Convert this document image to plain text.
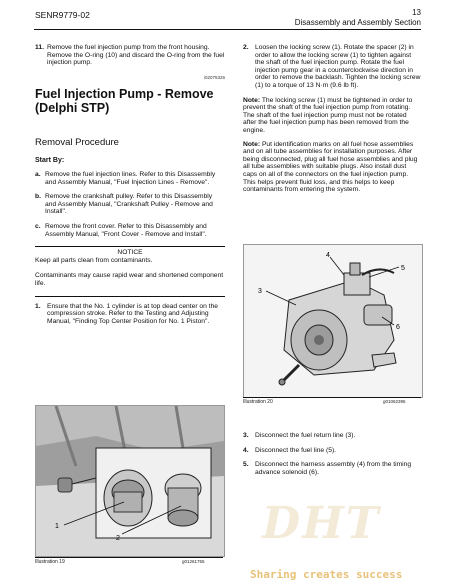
SENR9779-02	13
Disassembly and Assembly Section
11. Remove the fuel injection pump from the front housing. Remove the O-ring (10) and discard the O-ring from the fuel injection pump.
i02075326
Fuel Injection Pump - Remove (Delphi STP)
Removal Procedure
Start By:
a. Remove the fuel injection lines. Refer to this Disassembly and Assembly Manual, "Fuel Injection Lines - Remove".
b. Remove the crankshaft pulley. Refer to this Disassembly and Assembly Manual, "Crankshaft Pulley - Remove and Install".
c. Remove the front cover. Refer to this Disassembly and Assembly Manual, "Front Cover - Remove and Install".
NOTICE
Keep all parts clean from contaminants.
Contaminants may cause rapid wear and shortened component life.
1. Ensure that the No. 1 cylinder is at top dead center on the compression stroke. Refer to the Testing and Adjusting Manual, "Finding Top Center Position for No. 1 Piston".
1
2
Illustration 19	g01261755
2. Loosen the locking screw (1). Rotate the spacer (2) in order to allow the locking screw (1) to tighten against the shaft of the fuel injection pump. Rotate the fuel injection pump gear in a counterclockwise direction in order to remove the backlash. Tighten the locking screw (1) to a torque of 13 N·m (9.6 lb ft).
Note: The locking screw (1) must be tightened in order to prevent the shaft of the fuel injection pump from rotating. The shaft of the fuel injection pump must not be rotated after the fuel injection pump has been removed from the engine.
Note: Put identification marks on all fuel hose assemblies and on all tube assemblies for installation purposes. After being disconnected, plug all fuel hose assemblies and plug all tube assemblies with suitable plugs. Also install dust caps on all of the connectors on the fuel injection pump. This helps prevent fluid loss, and this helps to keep contaminants from entering the system.
3
4
5
6
Illustration 20	g01062395
3. Disconnect the fuel return line (3).
4. Disconnect the fuel line (5).
5. Disconnect the harness assembly (4) from the timing advance solenoid (6).
DHT
Sharing creates success
